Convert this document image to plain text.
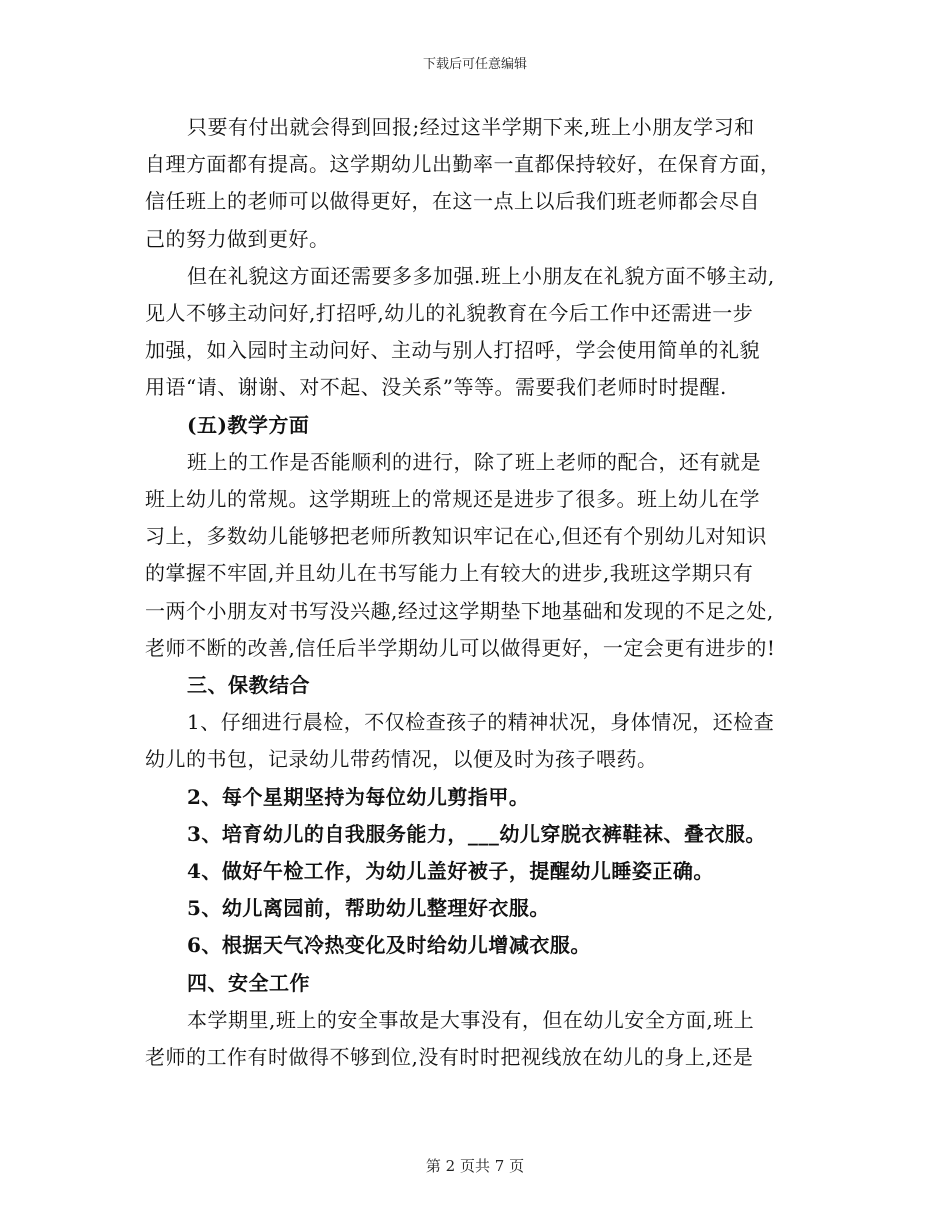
下载后可任意编辑
只要有付出就会得到回报;经过这半学期下来,班上小朋友学习和
自理方面都有提高。这学期幼儿出勤率一直都保持较好，在保育方面，
信任班上的老师可以做得更好，在这一点上以后我们班老师都会尽自
己的努力做到更好。
但在礼貌这方面还需要多多加强.班上小朋友在礼貌方面不够主动,
见人不够主动问好,打招呼,幼儿的礼貌教育在今后工作中还需进一步
加强，如入园时主动问好、主动与别人打招呼，学会使用简单的礼貌
用语“请、谢谢、对不起、没关系”等等。需要我们老师时时提醒.
(五)教学方面
班上的工作是否能顺利的进行，除了班上老师的配合，还有就是
班上幼儿的常规。这学期班上的常规还是进步了很多。班上幼儿在学
习上，多数幼儿能够把老师所教知识牢记在心,但还有个别幼儿对知识
的掌握不牢固,并且幼儿在书写能力上有较大的进步,我班这学期只有
一两个小朋友对书写没兴趣,经过这学期垫下地基础和发现的不足之处,
老师不断的改善,信任后半学期幼儿可以做得更好，一定会更有进步的!
三、保教结合
1、仔细进行晨检，不仅检查孩子的精神状况，身体情况，还检查
幼儿的书包，记录幼儿带药情况，以便及时为孩子喂药。
2、每个星期坚持为每位幼儿剪指甲。
3、培育幼儿的自我服务能力，___幼儿穿脱衣裤鞋袜、叠衣服。
4、做好午检工作，为幼儿盖好被子，提醒幼儿睡姿正确。
5、幼儿离园前，帮助幼儿整理好衣服。
6、根据天气冷热变化及时给幼儿增减衣服。
四、安全工作
本学期里,班上的安全事故是大事没有，但在幼儿安全方面,班上
老师的工作有时做得不够到位,没有时时把视线放在幼儿的身上,还是
第 2 页共 7 页
